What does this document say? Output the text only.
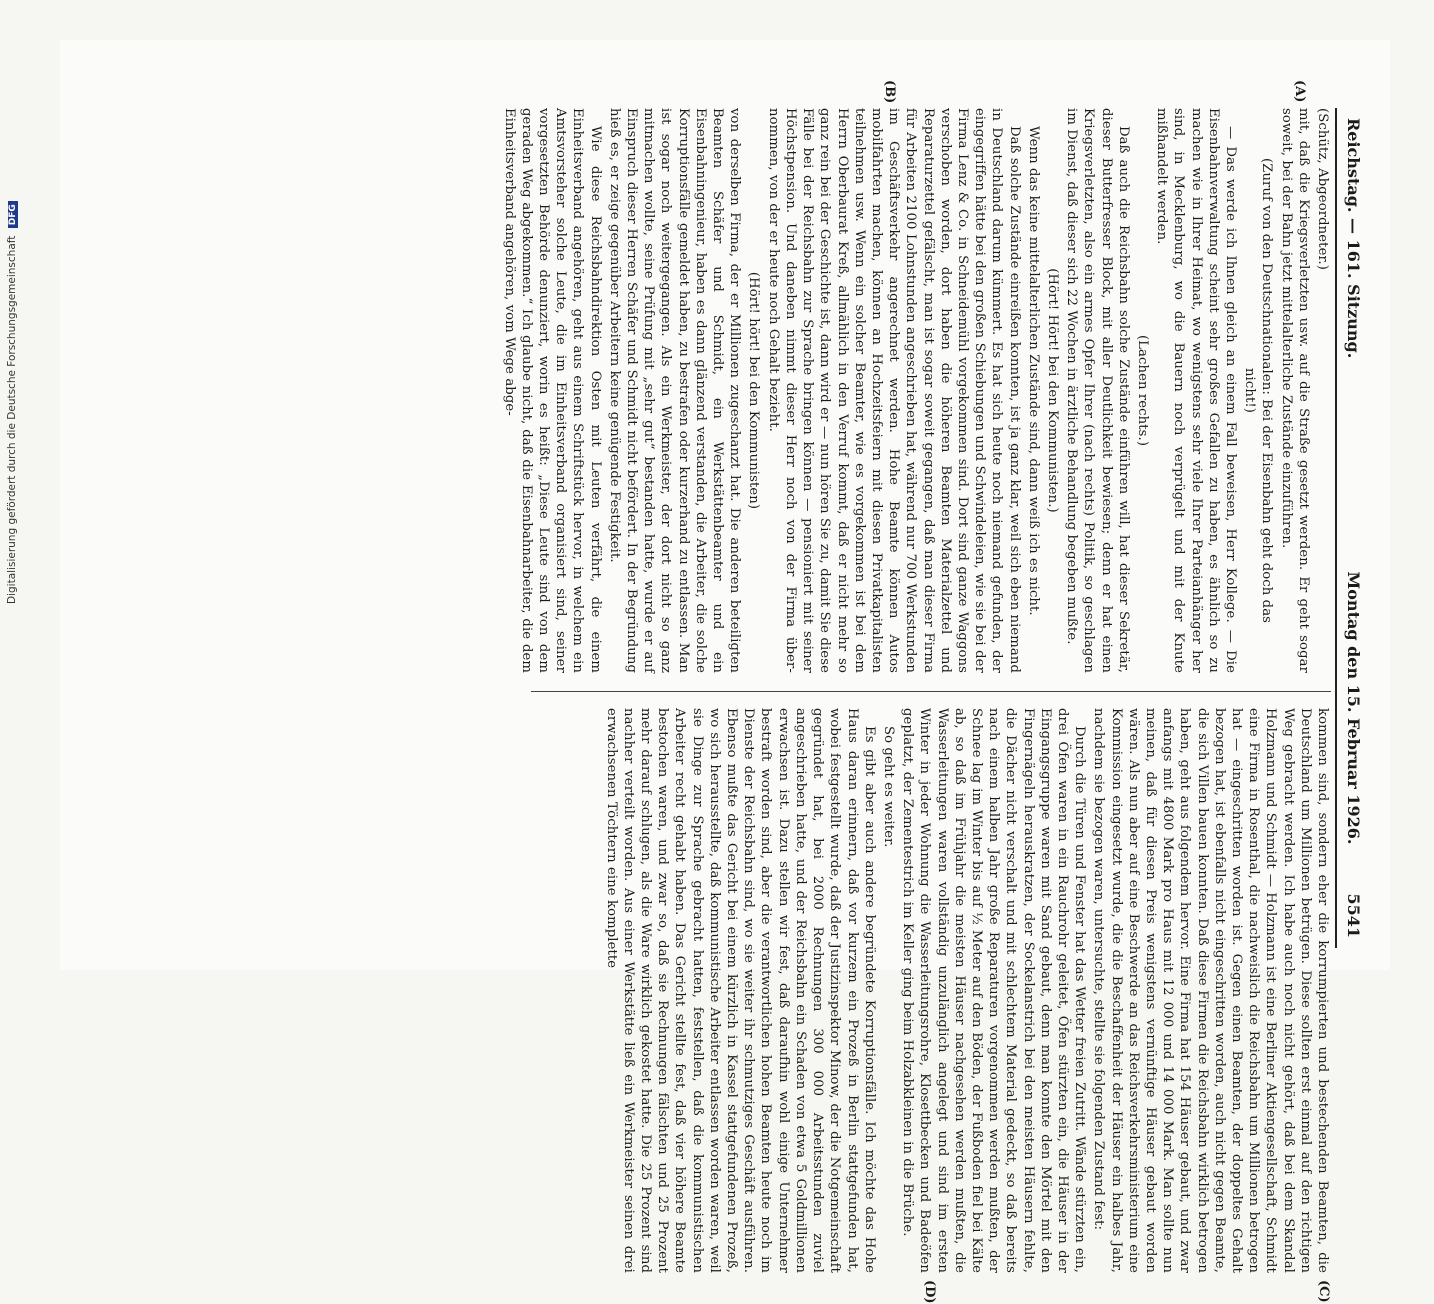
Reichstag. — 161. Sitzung.
Montag den 15. Februar 1926.
5541
(A)
(B)
(C)
(D)

(Schütz, Abgeordneter.)

mit, daß die Kriegsverletzten usw. auf die Straße gesetzt werden. Er geht sogar soweit, bei der Bahn jetzt mittelalterliche Zustände einzuführen.

(Zuruf von den Deutschnationalen: Bei der Eisenbahn geht doch das nicht!)

— Das werde ich Ihnen gleich an einem Fall beweisen, Herr Kollege. — Die Eisenbahnverwaltung scheint sehr großes Gefallen zu haben, es ähnlich so zu machen wie in Ihrer Heimat, wo wenigstens sehr viele Ihrer Parteianhänger her sind, in Mecklenburg, wo die Bauern noch verprügelt und mit der Knute mißhandelt werden.

(Lachen rechts.)

Daß auch die Reichsbahn solche Zustände einführen will, hat dieser Sekretär, dieser Butterfresser Block, mit aller Deutlichkeit bewiesen; denn er hat einen Kriegsverletzten, also ein armes Opfer Ihrer (nach rechts) Politik, so geschlagen im Dienst, daß dieser sich 22 Wochen in ärztliche Behandlung begeben mußte.

(Hört! Hört! bei den Kommunisten.)

Wenn das keine mittelalterlichen Zustände sind, dann weiß ich es nicht.

Daß solche Zustände einreißen konnten, ist ja ganz klar, weil sich eben niemand in Deutschland darum kümmert. Es hat sich heute noch niemand gefunden, der eingegriffen hätte bei den großen Schiebungen und Schwindeleien, wie sie bei der Firma Lenz & Co. in Schneidemühl vorgekommen sind. Dort sind ganze Waggons verschoben worden, dort haben die höheren Beamten Materialzettel und Reparaturzettel gefälscht, man ist sogar soweit gegangen, daß man dieser Firma für Arbeiten 2100 Lohnstunden angeschrieben hat, während nur 700 Werkstunden im Geschäftsverkehr angerechnet werden. Hohe Beamte können Autos mobilfahrten machen, können an Hochzeitsfeiern mit diesen Privatkapitalisten teilnehmen usw. Wenn ein solcher Beamter, wie es vorgekommen ist bei dem Herrn Oberbaurat Kreß, allmählich in den Verruf kommt, daß er nicht mehr so ganz rein bei der Geschichte ist, dann wird er — nun hören Sie zu, damit Sie diese Fälle bei der Reichsbahn zur Sprache bringen können — pensioniert mit seiner Höchstpension. Und daneben nimmt dieser Herr noch von der Firma über-nommen, von der er heute noch Gehalt bezieht.

(Hört! hört! bei den Kommunisten)

von derselben Firma, der er Millionen zugeschanzt hat. Die anderen beteiligten Beamten Schäfer und Schmidt, ein Werkstättenbeamter und ein Eisenbahningenieur, haben es dann glänzend verstanden, die Arbeiter, die solche Korruptionsfälle gemeldet haben, zu bestrafen oder kurzerhand zu entlassen. Man ist sogar noch weitergegangen. Als ein Werkmeister, der dort nicht so ganz mitmachen wollte, seine Prüfung mit „sehr gut“ bestanden hatte, wurde er auf Einspruch dieser Herren Schäfer und Schmidt nicht befördert. In der Begründung hieß es, er zeige gegenüber Arbeitern keine genügende Festigkeit.

Wie diese Reichsbahndirektion Osten mit Leuten verfährt, die einem Einheitsverband angehören, geht aus einem Schriftstück hervor, in welchem ein Amtsvorsteher solche Leute, die im Einheitsverband organisiert sind, seiner vorgesetzten Behörde denunziert, worin es heißt: „Diese Leute sind von dem geraden Weg abgekommen.“ Ich glaube nicht, daß die Eisenbahnarbeiter, die dem Einheitsverband angehören, vom Wege abge-

kommen sind, sondern eher die korrumpierten und bestechenden Beamten, die Deutschland um Millionen betrügen. Diese sollten erst einmal auf den richtigen Weg gebracht werden. Ich habe auch noch nicht gehört, daß bei dem Skandal Holzmann und Schmidt — Holzmann ist eine Berliner Aktiengesellschaft, Schmidt eine Firma in Rosenthal, die nachweislich die Reichsbahn um Millionen betrogen hat — eingeschritten worden ist. Gegen einen Beamten, der doppeltes Gehalt bezogen hat, ist ebenfalls nicht eingeschritten worden, auch nicht gegen Beamte, die sich Villen bauen konnten. Daß diese Firmen die Reichsbahn wirklich betrogen haben, geht aus folgendem hervor. Eine Firma hat 154 Häuser gebaut, und zwar anfangs mit 4800 Mark pro Haus mit 12 000 und 14 000 Mark. Man sollte nun meinen, daß für diesen Preis wenigstens vernünftige Häuser gebaut worden wären. Als nun aber auf eine Beschwerde an das Reichsverkehrsministerium eine Kommission eingesetzt wurde, die die Beschaffenheit der Häuser ein halbes Jahr, nachdem sie bezogen waren, untersuchte, stellte sie folgenden Zustand fest:

Durch die Türen und Fenster hat das Wetter freien Zutritt. Wände stürzten ein, drei Öfen waren in ein Rauchrohr geleitet, Öfen stürzten ein, die Häuser in der Eingangsgruppe waren mit Sand gebaut, denn man konnte den Mörtel mit den Fingernägeln herauskratzen, der Sockelanstrich bei den meisten Häusern fehlte, die Dächer nicht verschalt und mit schlechtem Material gedeckt, so daß bereits nach einem halben Jahr große Reparaturen vorgenommen werden mußten, der Schnee lag im Winter bis auf ½ Meter auf den Böden, der Fußboden fiel bei Kälte ab, so daß im Frühjahr die meisten Häuser nachgesehen werden mußten, die Wasserleitungen waren vollständig unzulänglich angelegt und sind im ersten Winter in jeder Wohnung die Wasserleitungsrohre, Klosettbecken und Badeöfen geplatzt, der Zementestrich im Keller ging beim Holzabkleinen in die Brüche.

So geht es weiter.

Es gibt aber auch andere begründete Korruptionsfälle. Ich möchte das Hohe Haus daran erinnern, daß vor kurzem ein Prozeß in Berlin stattgefunden hat, wobei festgestellt wurde, daß der Justizinspektor Minow, der die Notgemeinschaft gegründet hat, bei 2000 Rechnungen 300 000 Arbeitsstunden zuviel angeschrieben hatte, und der Reichsbahn ein Schaden von etwa 5 Goldmillionen erwachsen ist. Dazu stellen wir fest, daß daraufhin wohl einige Unternehmer bestraft worden sind, aber die verantwortlichen hohen Beamten heute noch im Dienste der Reichsbahn sind, wo sie weiter ihr schmutziges Geschäft ausführen. Ebenso mußte das Gericht bei einem kürzlich in Kassel stattgefundenen Prozeß, wo sich herausstellte, daß kommunistische Arbeiter entlassen worden waren, weil sie Dinge zur Sprache gebracht hatten, feststellen, daß die kommunistischen Arbeiter recht gehabt haben. Das Gericht stellte fest, daß vier höhere Beamte bestochen waren, und zwar so, daß sie Rechnungen fälschten und 25 Prozent mehr darauf schlugen, als die Ware wirklich gekostet hatte. Die 25 Prozent sind nachher verteilt worden. Aus einer Werkstätte ließ ein Werkmeister seinen drei erwachsenen Töchtern eine komplette

Digitalisierung gefördert durch die Deutsche Forschungsgemeinschaft DFG
